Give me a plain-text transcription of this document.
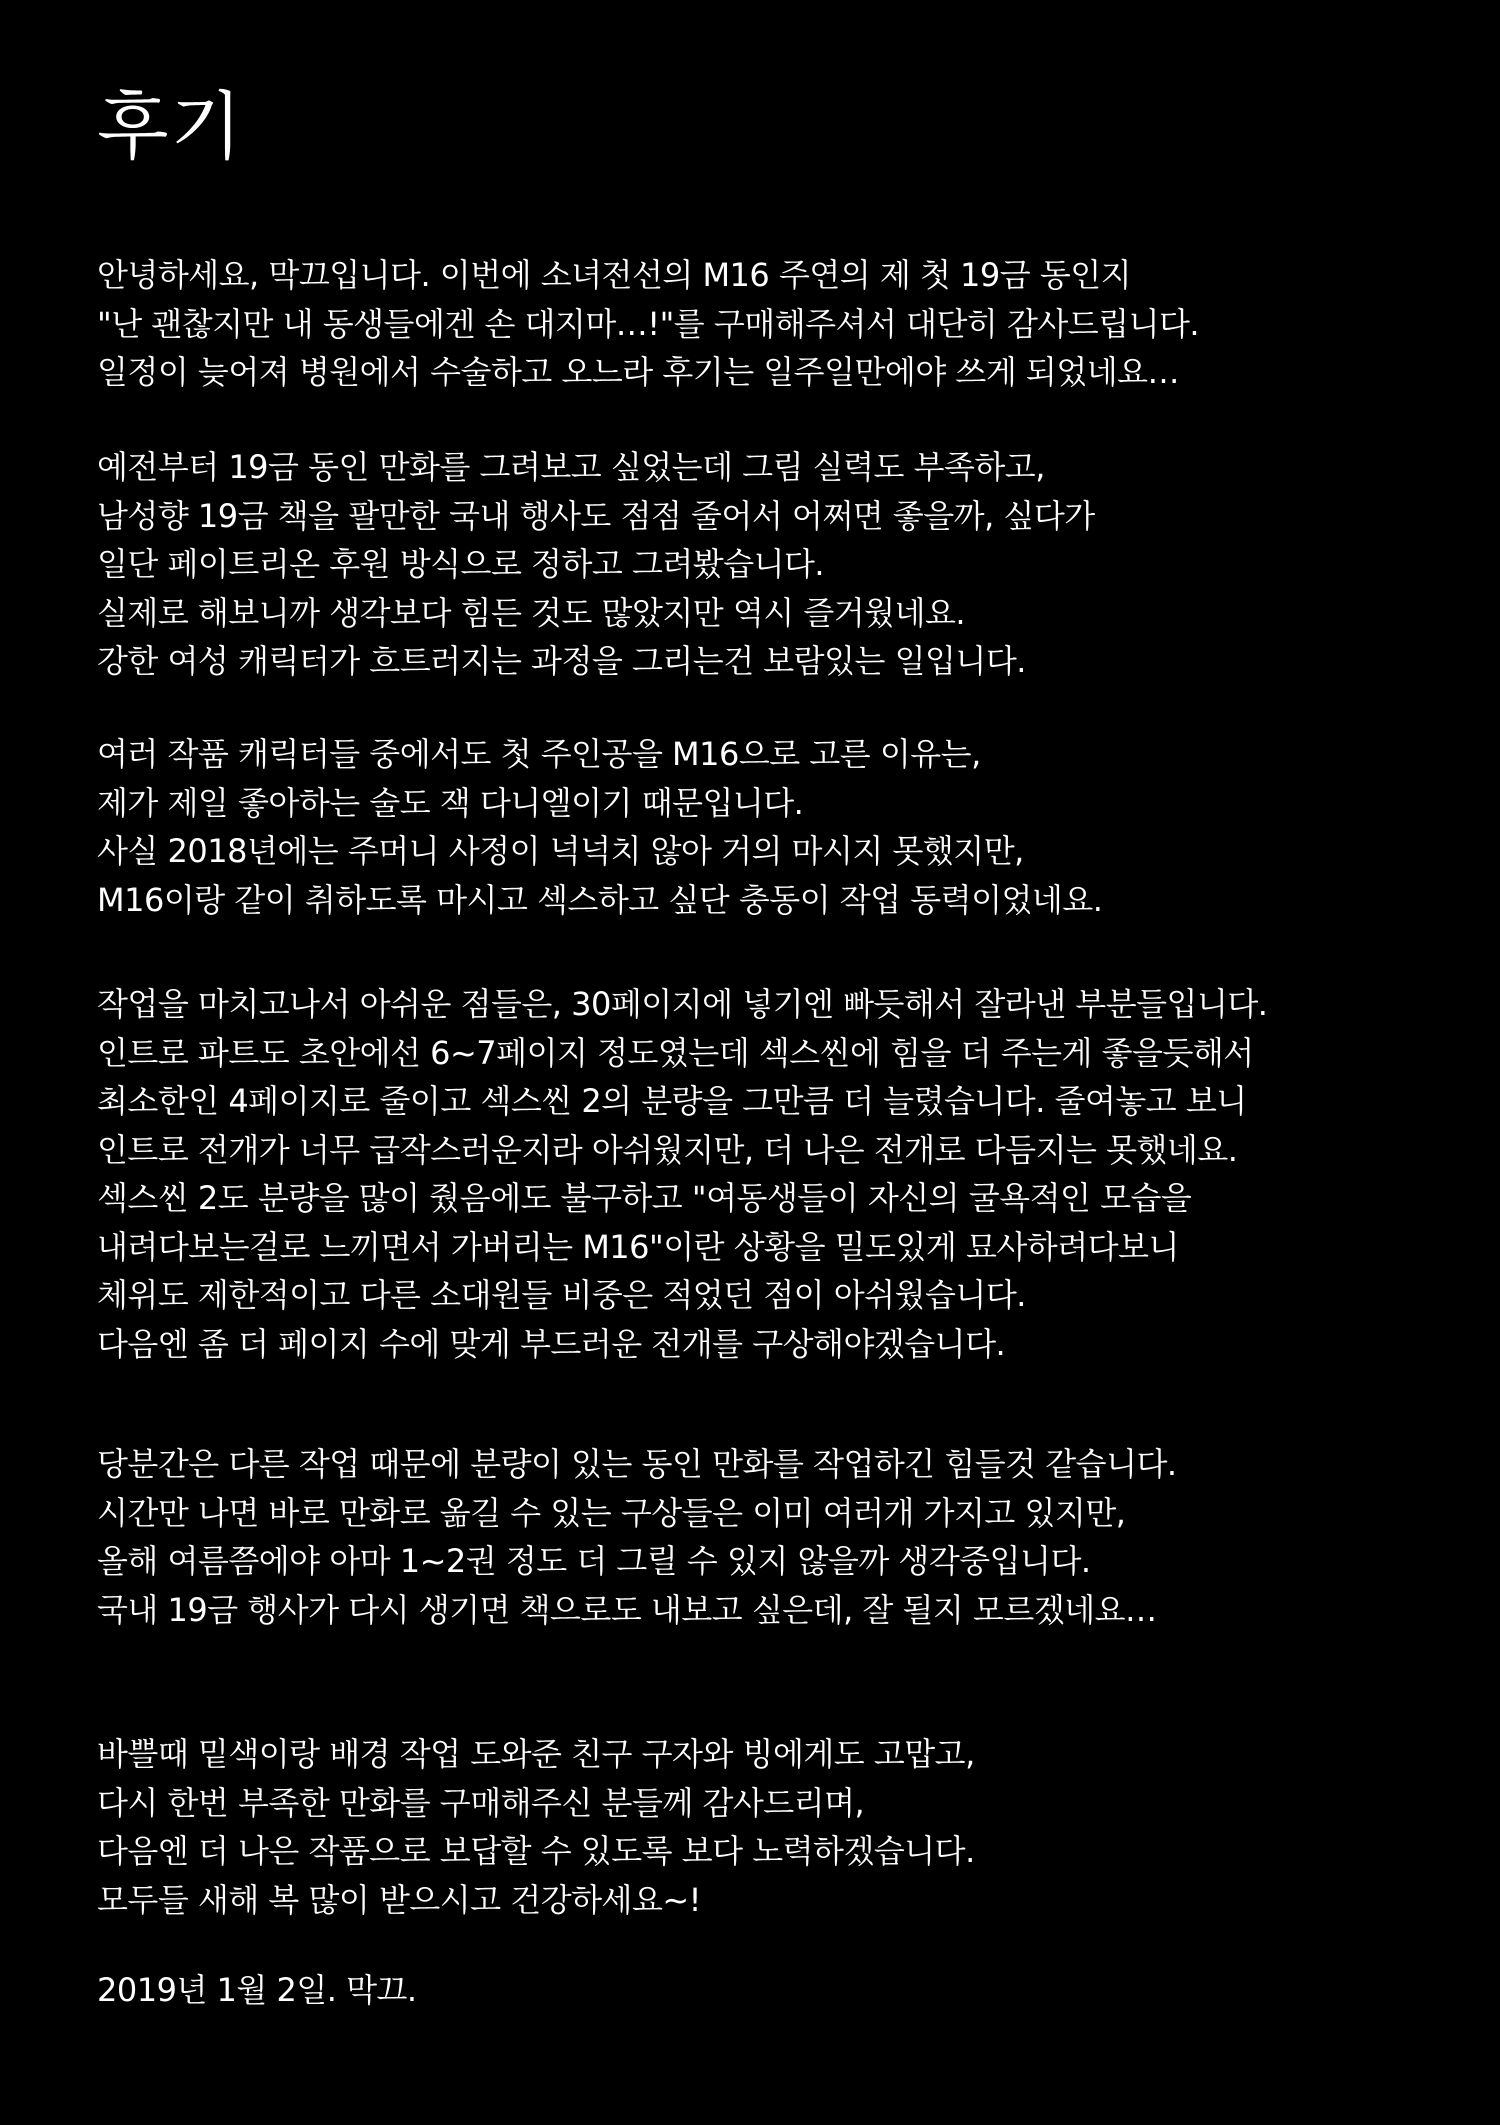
후기
안녕하세요, 막끄입니다. 이번에 소녀전선의 M16 주연의 제 첫 19금 동인지
"난 괜찮지만 내 동생들에겐 손 대지마…!"를 구매해주셔서 대단히 감사드립니다.
일정이 늦어져 병원에서 수술하고 오느라 후기는 일주일만에야 쓰게 되었네요…
예전부터 19금 동인 만화를 그려보고 싶었는데 그림 실력도 부족하고,
남성향 19금 책을 팔만한 국내 행사도 점점 줄어서 어쩌면 좋을까, 싶다가
일단 페이트리온 후원 방식으로 정하고 그려봤습니다.
실제로 해보니까 생각보다 힘든 것도 많았지만 역시 즐거웠네요.
강한 여성 캐릭터가 흐트러지는 과정을 그리는건 보람있는 일입니다.
여러 작품 캐릭터들 중에서도 첫 주인공을 M16으로 고른 이유는,
제가 제일 좋아하는 술도 잭 다니엘이기 때문입니다.
사실 2018년에는 주머니 사정이 넉넉치 않아 거의 마시지 못했지만,
M16이랑 같이 취하도록 마시고 섹스하고 싶단 충동이 작업 동력이었네요.
작업을 마치고나서 아쉬운 점들은, 30페이지에 넣기엔 빠듯해서 잘라낸 부분들입니다.
인트로 파트도 초안에선 6~7페이지 정도였는데 섹스씬에 힘을 더 주는게 좋을듯해서
최소한인 4페이지로 줄이고 섹스씬 2의 분량을 그만큼 더 늘렸습니다. 줄여놓고 보니
인트로 전개가 너무 급작스러운지라 아쉬웠지만, 더 나은 전개로 다듬지는 못했네요.
섹스씬 2도 분량을 많이 줬음에도 불구하고 "여동생들이 자신의 굴욕적인 모습을
내려다보는걸로 느끼면서 가버리는 M16"이란 상황을 밀도있게 묘사하려다보니
체위도 제한적이고 다른 소대원들 비중은 적었던 점이 아쉬웠습니다.
다음엔 좀 더 페이지 수에 맞게 부드러운 전개를 구상해야겠습니다.
당분간은 다른 작업 때문에 분량이 있는 동인 만화를 작업하긴 힘들것 같습니다.
시간만 나면 바로 만화로 옮길 수 있는 구상들은 이미 여러개 가지고 있지만,
올해 여름쯤에야 아마 1~2권 정도 더 그릴 수 있지 않을까 생각중입니다.
국내 19금 행사가 다시 생기면 책으로도 내보고 싶은데, 잘 될지 모르겠네요…
바쁠때 밑색이랑 배경 작업 도와준 친구 구자와 빙에게도 고맙고,
다시 한번 부족한 만화를 구매해주신 분들께 감사드리며,
다음엔 더 나은 작품으로 보답할 수 있도록 보다 노력하겠습니다.
모두들 새해 복 많이 받으시고 건강하세요~!
2019년 1월 2일. 막끄.
